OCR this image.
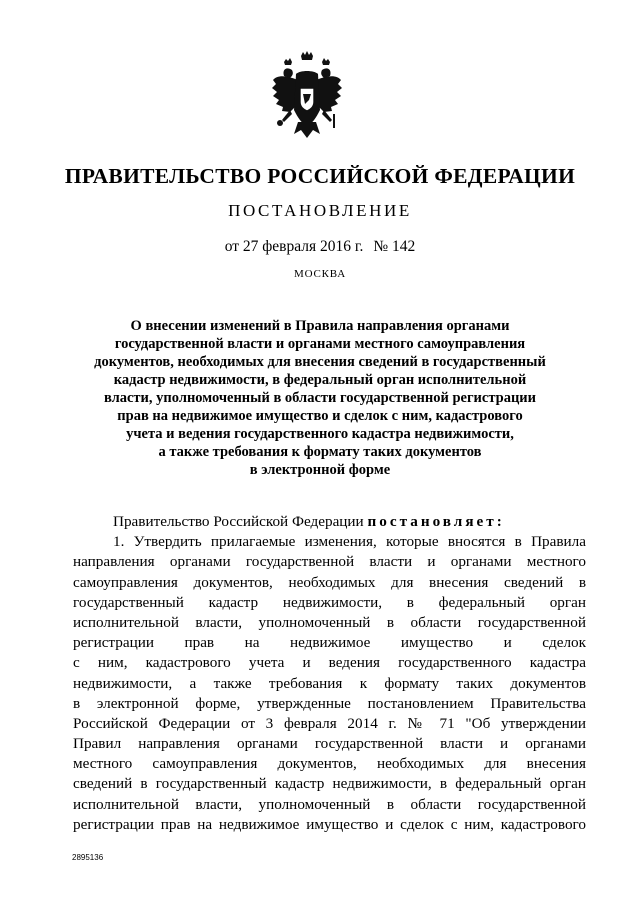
ПРАВИТЕЛЬСТВО РОССИЙСКОЙ ФЕДЕРАЦИИ
ПОСТАНОВЛЕНИЕ
от 27 февраля 2016 г. № 142
МОСКВА
О внесении изменений в Правила направления органами
государственной власти и органами местного самоуправления
документов, необходимых для внесения сведений в государственный
кадастр недвижимости, в федеральный орган исполнительной
власти, уполномоченный в области государственной регистрации
прав на недвижимое имущество и сделок с ним, кадастрового
учета и ведения государственного кадастра недвижимости,
а также требования к формату таких документов
в электронной форме
Правительство Российской Федерации постановляет:
1. Утвердить прилагаемые изменения, которые вносятся в Правила
направления органами государственной власти и органами местного
самоуправления документов, необходимых для внесения сведений в
государственный кадастр недвижимости, в федеральный орган
исполнительной власти, уполномоченный в области государственной
регистрации прав на недвижимое имущество и сделок
с ним, кадастрового учета и ведения государственного кадастра
недвижимости, а также требования к формату таких документов
в электронной форме, утвержденные постановлением Правительства
Российской Федерации от 3 февраля 2014 г. № 71 "Об утверждении
Правил направления органами государственной власти и органами
местного самоуправления документов, необходимых для внесения
сведений в государственный кадастр недвижимости, в федеральный орган
исполнительной власти, уполномоченный в области государственной
регистрации прав на недвижимое имущество и сделок с ним, кадастрового
2895136
